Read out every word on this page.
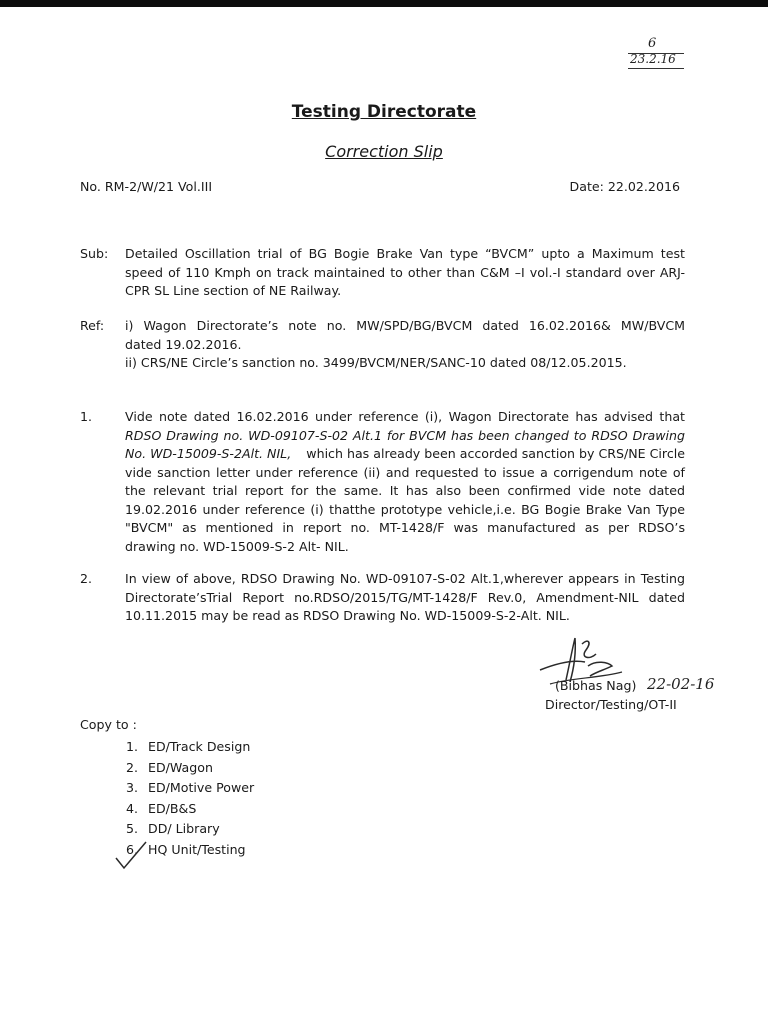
6
23.2.16
Testing Directorate
Correction Slip
No. RM-2/W/21 Vol.III	Date: 22.02.2016
Sub: Detailed Oscillation trial of BG Bogie Brake Van type “BVCM” upto a Maximum test
speed of 110 Kmph on track maintained to other than C&M –I vol.-I standard over ARJ-
CPR SL Line section of NE Railway.
Ref: i) Wagon Directorate’s note no. MW/SPD/BG/BVCM dated 16.02.2016& MW/BVCM
dated 19.02.2016.
ii) CRS/NE Circle’s sanction no. 3499/BVCM/NER/SANC-10 dated 08/12.05.2015.
1.	Vide note dated 16.02.2016 under reference (i), Wagon Directorate has advised that
RDSO Drawing no. WD-09107-S-02 Alt.1 for BVCM has been changed to RDSO Drawing
No. WD-15009-S-2Alt. NIL, which has already been accorded sanction by CRS/NE Circle
vide sanction letter under reference (ii) and requested to issue a corrigendum note of
the relevant trial report for the same. It has also been confirmed vide note dated
19.02.2016 under reference (i) thatthe prototype vehicle,i.e. BG Bogie Brake Van Type
"BVCM" as mentioned in report no. MT-1428/F was manufactured as per RDSO’s
drawing no. WD-15009-S-2 Alt- NIL.
2.	In view of above, RDSO Drawing No. WD-09107-S-02 Alt.1,wherever appears in Testing
Directorate’sTrial Report no.RDSO/2015/TG/MT-1428/F Rev.0, Amendment-NIL dated
10.11.2015 may be read as RDSO Drawing No. WD-15009-S-2-Alt. NIL.
(Bibhas Nag) 22-02-16
Director/Testing/OT-II
Copy to :
1. ED/Track Design
2. ED/Wagon
3. ED/Motive Power
4. ED/B&S
5. DD/ Library
6. HQ Unit/Testing
